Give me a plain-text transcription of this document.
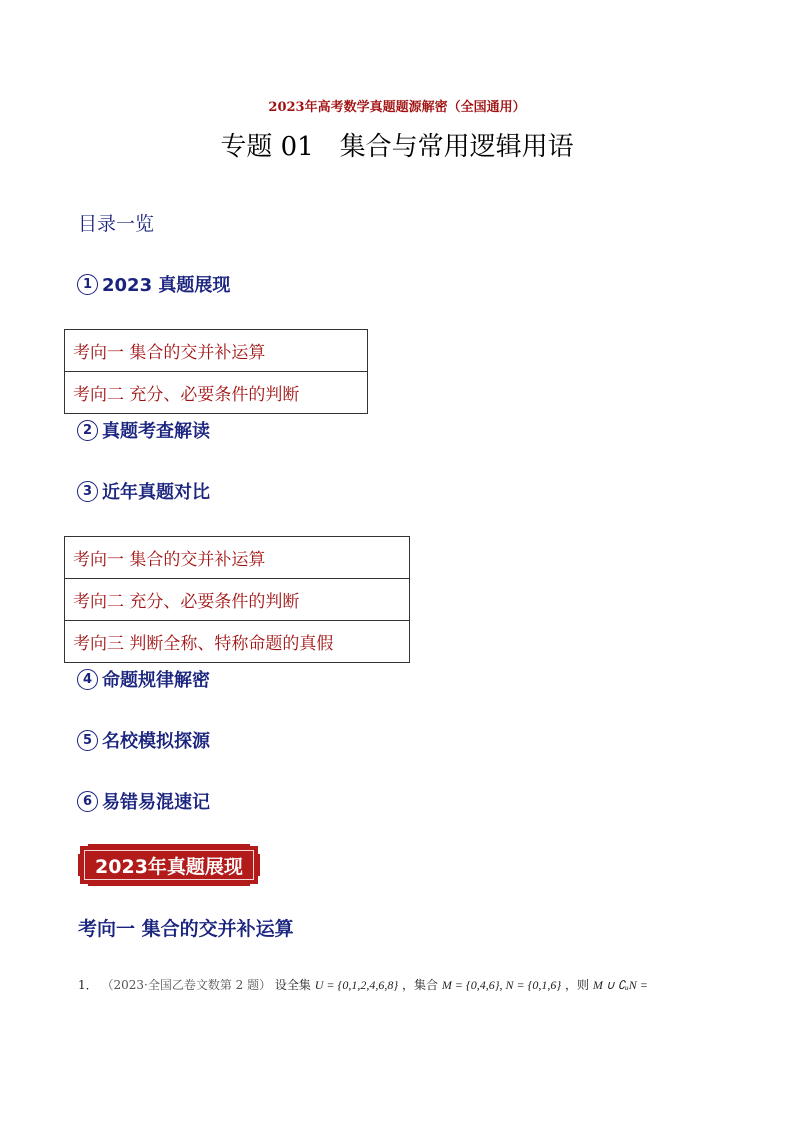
2023年高考数学真题题源解密（全国通用）
专题 01　集合与常用逻辑用语
目录一览
1 2023 真题展现
考向一 集合的交并补运算
考向二 充分、必要条件的判断
2 真题考查解读
3 近年真题对比
考向一 集合的交并补运算
考向二 充分、必要条件的判断
考向三 判断全称、特称命题的真假
4 命题规律解密
5 名校模拟探源
6 易错易混速记
2023年真题展现
考向一 集合的交并补运算
1． （2023·全国乙卷文数第 2 题） 设全集 U = {0,1,2,4,6,8} ，集合 M = {0,4,6}, N = {0,1,6} ，则 M ∪ ∁ᵤN =
